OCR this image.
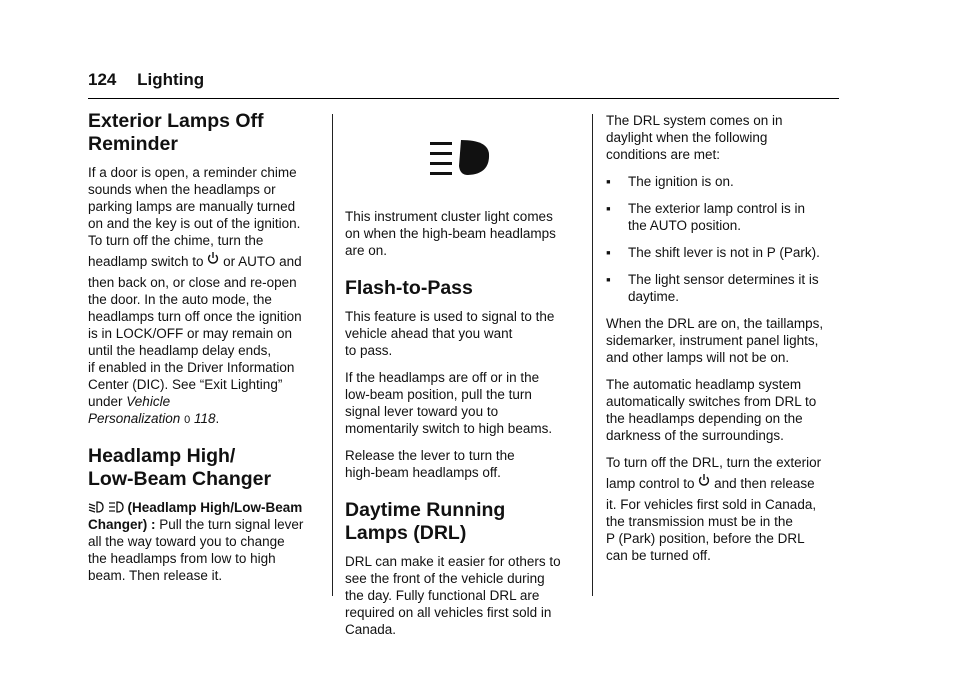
124 Lighting
Exterior Lamps Off
Reminder

If a door is open, a reminder chime
sounds when the headlamps or
parking lamps are manually turned
on and the key is out of the ignition.
To turn off the chime, turn the
headlamp switch to or AUTO and
then back on, or close and re-open
the door. In the auto mode, the
headlamps turn off once the ignition
is in LOCK/OFF or may remain on
until the headlamp delay ends,
if enabled in the Driver Information
Center (DIC). See “Exit Lighting”
under Vehicle
Personalization 0 118.

Headlamp High/
Low-Beam Changer

(Headlamp High/Low-Beam
Changer) : Pull the turn signal lever
all the way toward you to change
the headlamps from low to high
beam. Then release it.

This instrument cluster light comes
on when the high-beam headlamps
are on.

Flash-to-Pass

This feature is used to signal to the
vehicle ahead that you want
to pass.

If the headlamps are off or in the
low-beam position, pull the turn
signal lever toward you to
momentarily switch to high beams.

Release the lever to turn the
high-beam headlamps off.

Daytime Running
Lamps (DRL)

DRL can make it easier for others to
see the front of the vehicle during
the day. Fully functional DRL are
required on all vehicles first sold in
Canada.

The DRL system comes on in
daylight when the following
conditions are met:

▪ The ignition is on.
▪ The exterior lamp control is in
the AUTO position.
▪ The shift lever is not in P (Park).
▪ The light sensor determines it is
daytime.

When the DRL are on, the taillamps,
sidemarker, instrument panel lights,
and other lamps will not be on.

The automatic headlamp system
automatically switches from DRL to
the headlamps depending on the
darkness of the surroundings.

To turn off the DRL, turn the exterior
lamp control to and then release
it. For vehicles first sold in Canada,
the transmission must be in the
P (Park) position, before the DRL
can be turned off.
